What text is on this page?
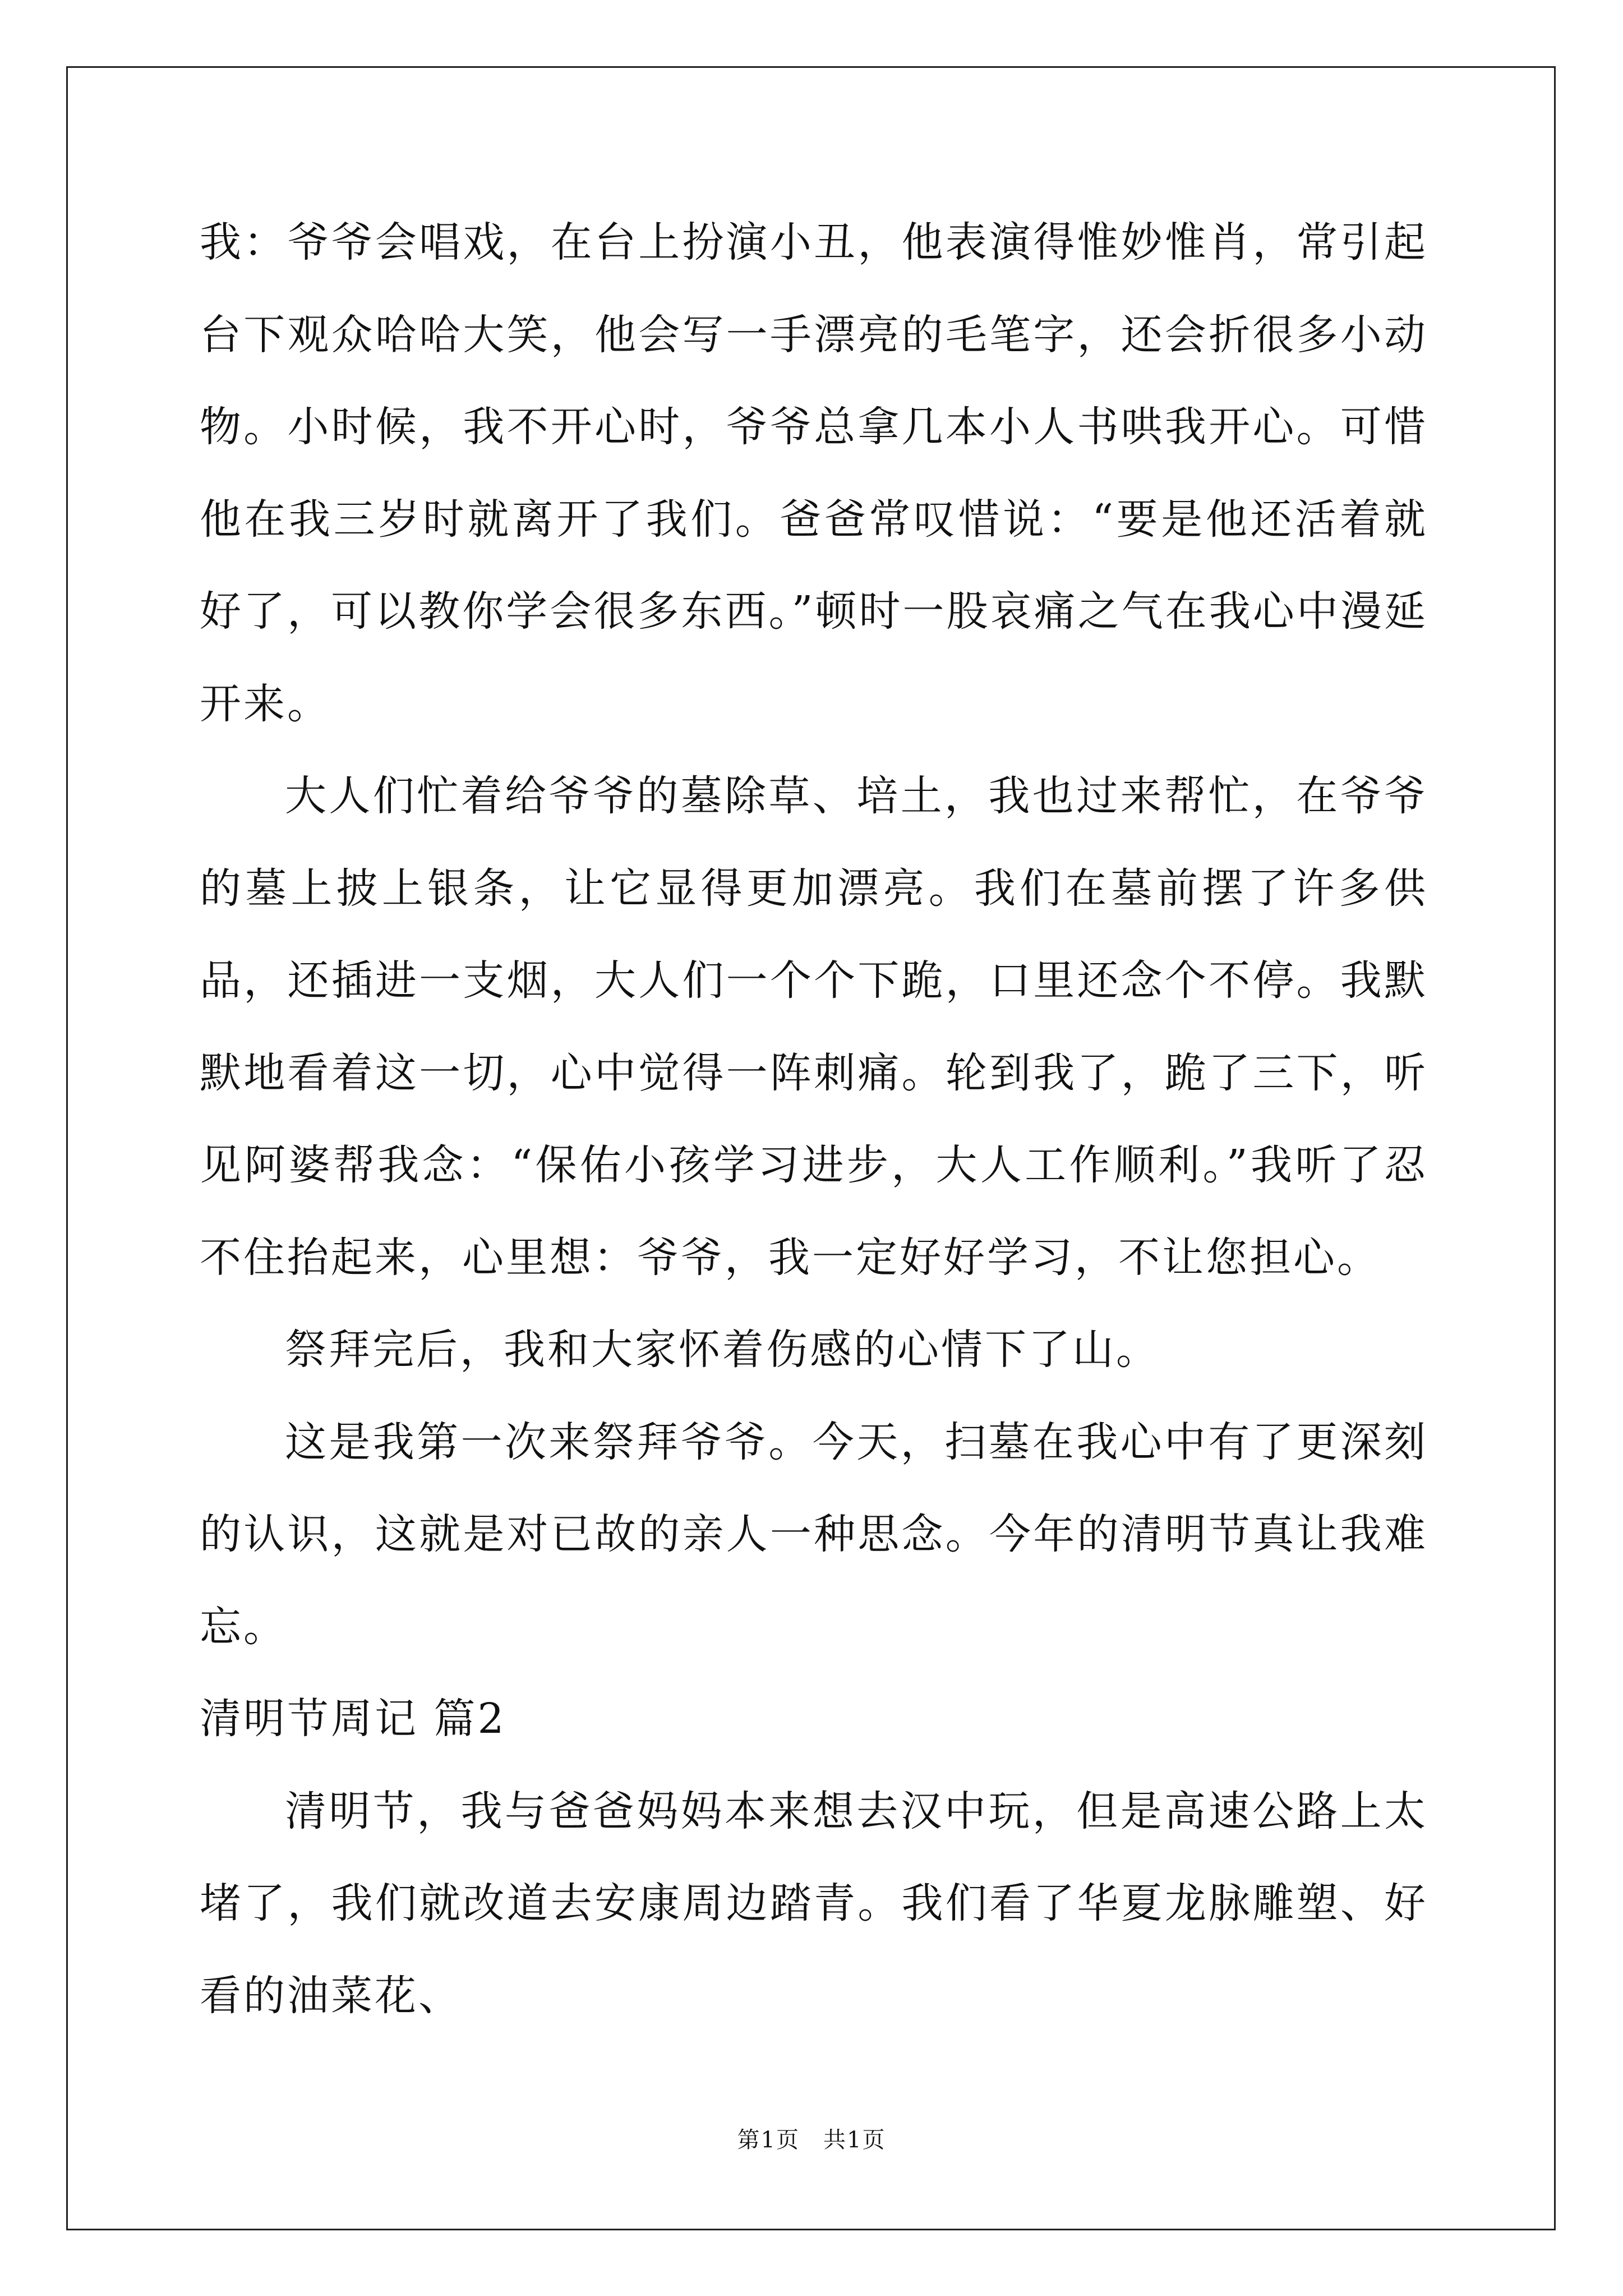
我：爷爷会唱戏，在台上扮演小丑，他表演得惟妙惟肖，常引起台下观众哈哈大笑，他会写一手漂亮的毛笔字，还会折很多小动物。小时候，我不开心时，爷爷总拿几本小人书哄我开心。可惜他在我三岁时就离开了我们。爸爸常叹惜说：“要是他还活着就好了，可以教你学会很多东西。”顿时一股哀痛之气在我心中漫延开来。

大人们忙着给爷爷的墓除草、培土，我也过来帮忙，在爷爷的墓上披上银条，让它显得更加漂亮。我们在墓前摆了许多供品，还插进一支烟，大人们一个个下跪，口里还念个不停。我默默地看着这一切，心中觉得一阵刺痛。轮到我了，跪了三下，听见阿婆帮我念：“保佑小孩学习进步，大人工作顺利。”我听了忍不住抬起来，心里想：爷爷，我一定好好学习，不让您担心。

祭拜完后，我和大家怀着伤感的心情下了山。

这是我第一次来祭拜爷爷。今天，扫墓在我心中有了更深刻的认识，这就是对已故的亲人一种思念。今年的清明节真让我难忘。

清明节周记 篇2

清明节，我与爸爸妈妈本来想去汉中玩，但是高速公路上太堵了，我们就改道去安康周边踏青。我们看了华夏龙脉雕塑、好看的油菜花、

第1页　共1页
